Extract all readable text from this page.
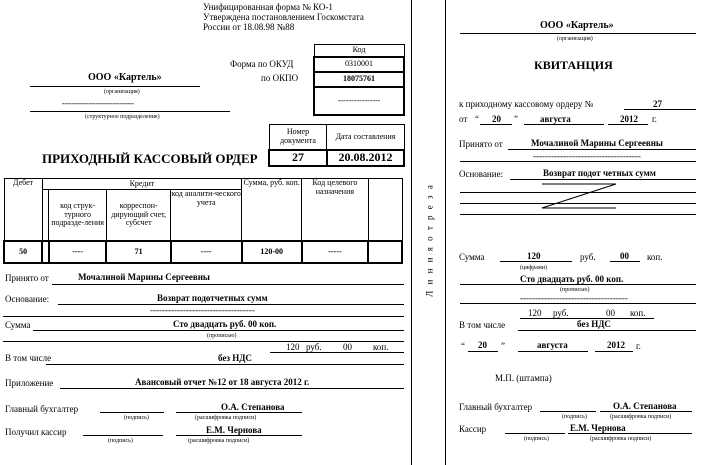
Унифицированная форма № КО-1
Утверждена постановлением Госкомстата
России от 18.08.98 №88
Код
0310001
18075761
----------------
Форма по ОКУД
по ОКПО
ООО «Картель»
(организация)
------------------------
(структурное подразделение)
Номер документа	Дата составления
27	20.08.2012
ПРИХОДНЫЙ КАССОВЫЙ ОРДЕР
Дебет	Кредит				Сумма, руб. коп.	Код целевого назначения	
		код струк-турного подразде-ления	корреспон-дирующий счет, субсчет	код аналити-ческого учета			
50		----	71	----	120-00	-----	
Принято от	Мочалиной Марины Сергеевны
Основание:	Возврат подотчетных сумм
-----------------------------------
Сумма	Сто двадцать руб. 00 коп.
(прописью)
120 руб. 00 коп.
В том числе	без НДС
Приложение	Авансовый отчет №12 от 18 августа 2012 г.
Главный бухгалтер	О.А. Степанова
(подпись)	(расшифровка подписи)
Получил кассир	Е.М. Чернова
(подпись)	(расшифровка подписи)
Л и н и я о т р е з а
ООО «Картель»
(организация)
КВИТАНЦИЯ
к приходному кассовому ордеру №	27
от “ 20 ” августа	2012 г.
Принято от	Мочалиной Марины Сергеевны
------------------------------------
Основание:	Возврат подот четных сумм
Сумма	120	руб.	00 коп.
(цифрами)
Сто двадцать руб. 00 коп.
(прописью)
------------------------------------
120 руб.	00 коп.
В том числе	без НДС
“ 20 ”	августа	2012 г.
М.П. (штампа)
Главный бухгалтер	О.А. Степанова
(подпись)	(расшифровка подписи)
Кассир	Е.М. Чернова
(подпись)	(расшифровка подписи)
